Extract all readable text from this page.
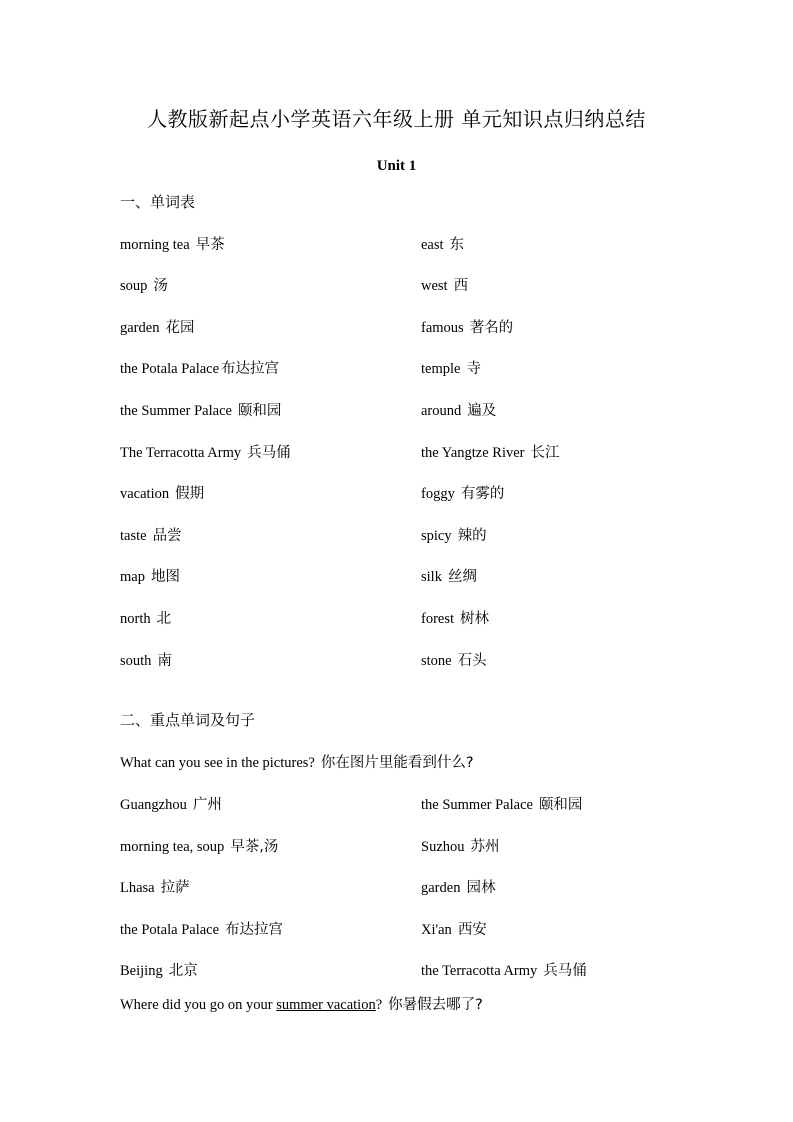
人教版新起点小学英语六年级上册 单元知识点归纳总结
Unit 1
一、单词表
morning tea 早茶	east 东
soup 汤	west 西
garden 花园	famous 著名的
the Potala Palace 布达拉宫	temple 寺
the Summer Palace 颐和园	around 遍及
The Terracotta Army 兵马俑	the Yangtze River 长江
vacation 假期	foggy 有雾的
taste 品尝	spicy 辣的
map 地图	silk 丝绸
north 北	forest 树林
south 南	stone 石头
二、重点单词及句子
What can you see in the pictures? 你在图片里能看到什么?
Guangzhou 广州	the Summer Palace 颐和园
morning tea, soup 早茶,汤	Suzhou 苏州
Lhasa 拉萨	garden 园林
the Potala Palace 布达拉宫	Xi'an 西安
Beijing 北京	the Terracotta Army 兵马俑
Where did you go on your summer vacation? 你暑假去哪了?
